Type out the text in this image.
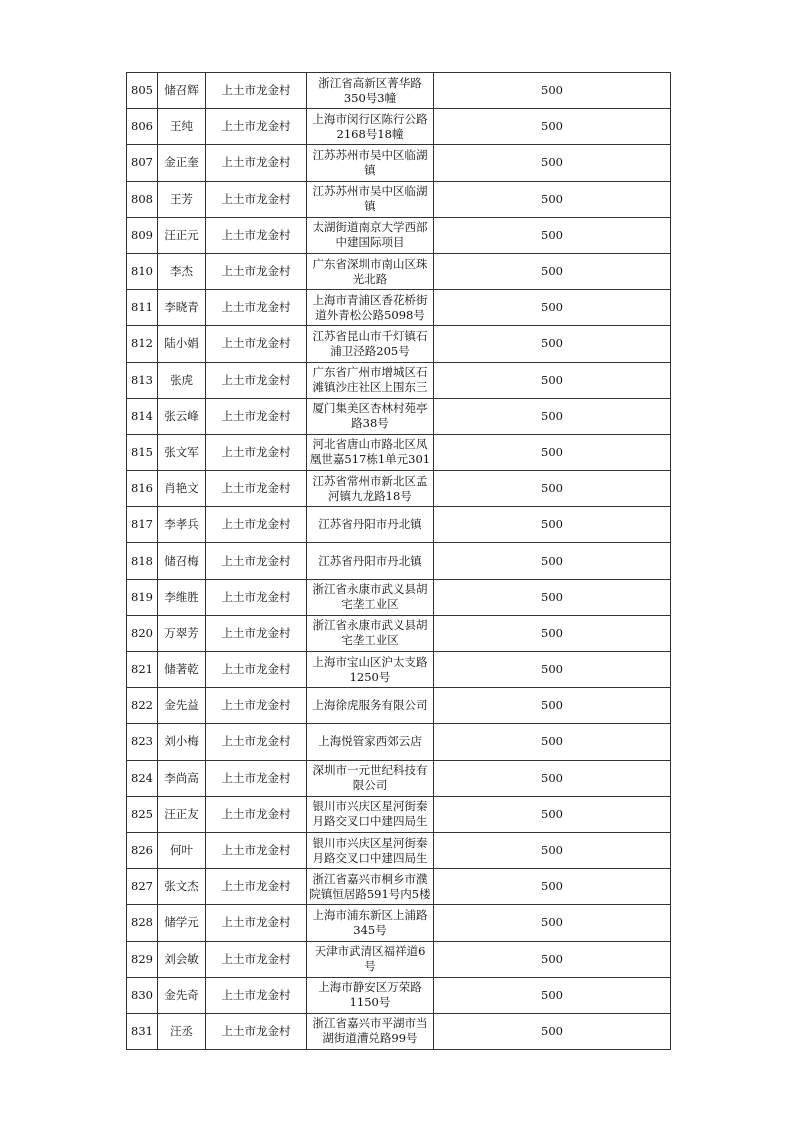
805	储召辉	上土市龙金村	浙江省高新区菁华路350号3幢	500
806	王纯	上土市龙金村	上海市闵行区陈行公路2168号18幢	500
807	金正奎	上土市龙金村	江苏苏州市吴中区临湖镇	500
808	王芳	上土市龙金村	江苏苏州市吴中区临湖镇	500
809	汪正元	上土市龙金村	太湖街道南京大学西部中建国际项目	500
810	李杰	上土市龙金村	广东省深圳市南山区珠光北路	500
811	李晓青	上土市龙金村	上海市青浦区香花桥街道外青松公路5098号	500
812	陆小娟	上土市龙金村	江苏省昆山市千灯镇石浦卫泾路205号	500
813	张虎	上土市龙金村	广东省广州市增城区石滩镇沙庄社区上围东三	500
814	张云峰	上土市龙金村	厦门集美区杏林村苑亭路38号	500
815	张文军	上土市龙金村	河北省唐山市路北区凤凰世嘉517栋1单元301	500
816	肖艳文	上土市龙金村	江苏省常州市新北区孟河镇九龙路18号	500
817	李孝兵	上土市龙金村	江苏省丹阳市丹北镇	500
818	储召梅	上土市龙金村	江苏省丹阳市丹北镇	500
819	李维胜	上土市龙金村	浙江省永康市武义县胡宅垄工业区	500
820	万翠芳	上土市龙金村	浙江省永康市武义县胡宅垄工业区	500
821	储著乾	上土市龙金村	上海市宝山区沪太支路1250号	500
822	金先益	上土市龙金村	上海徐虎服务有限公司	500
823	刘小梅	上土市龙金村	上海悦管家西郊云店	500
824	李尚高	上土市龙金村	深圳市一元世纪科技有限公司	500
825	汪正友	上土市龙金村	银川市兴庆区星河街秦月路交叉口中建四局生	500
826	何叶	上土市龙金村	银川市兴庆区星河街秦月路交叉口中建四局生	500
827	张文杰	上土市龙金村	浙江省嘉兴市桐乡市濮院镇恒居路591号内5楼	500
828	储学元	上土市龙金村	上海市浦东新区上浦路345号	500
829	刘会敏	上土市龙金村	天津市武清区福祥道6号	500
830	金先奇	上土市龙金村	上海市静安区万荣路1150号	500
831	汪丞	上土市龙金村	浙江省嘉兴市平湖市当湖街道漕兑路99号	500
